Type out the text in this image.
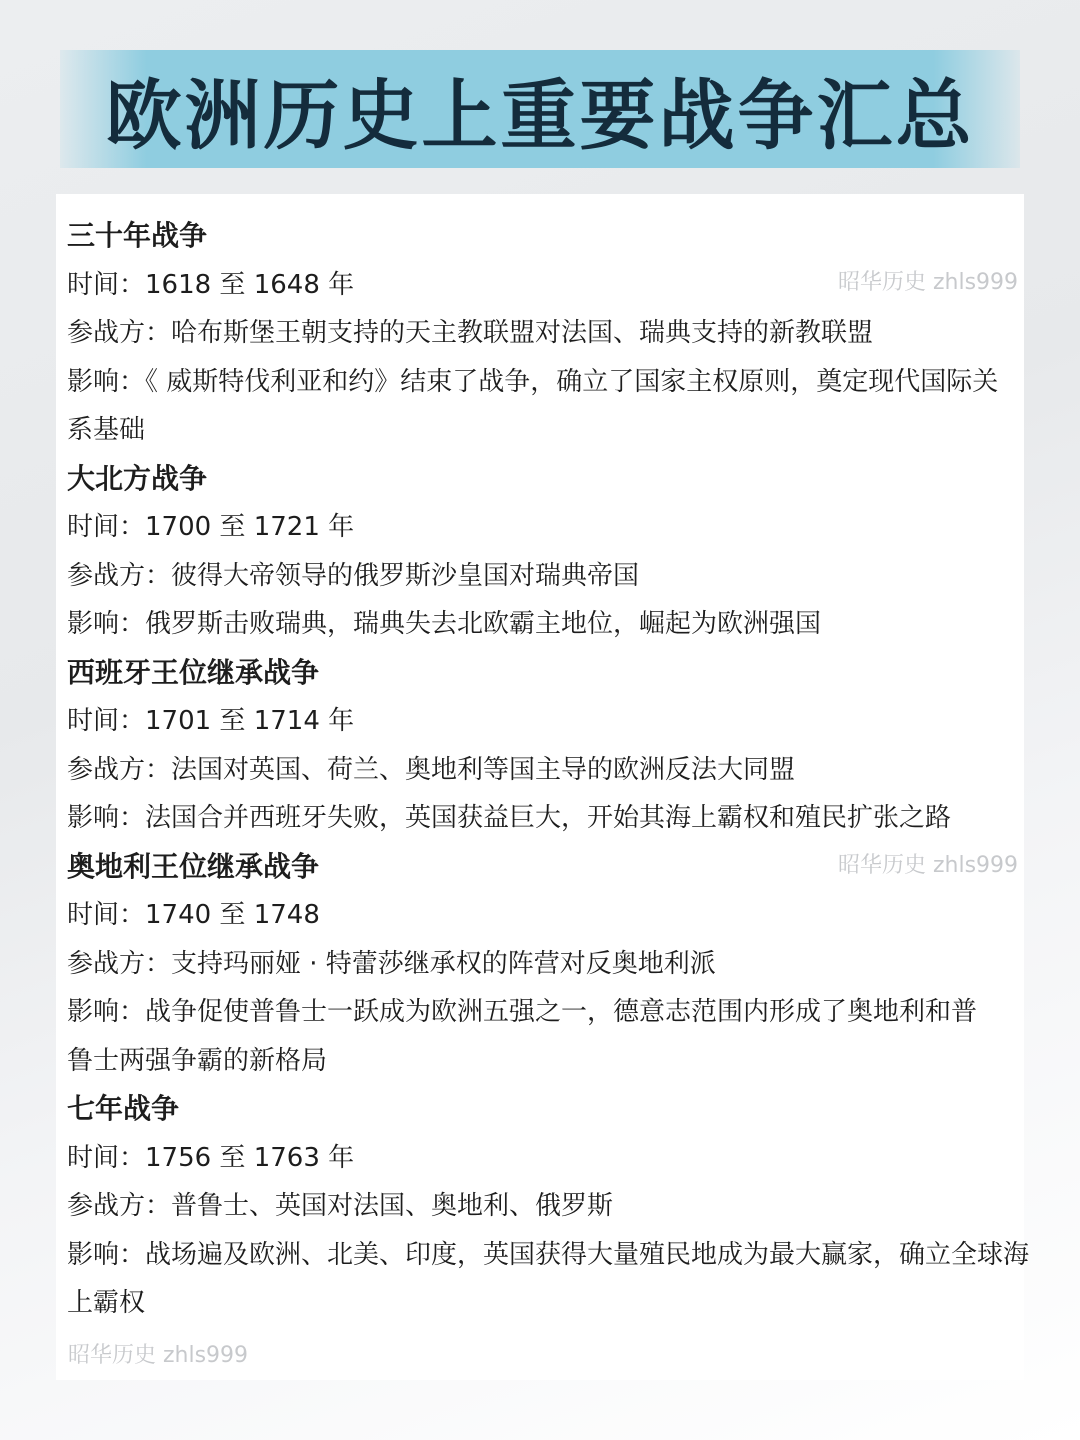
欧洲历史上重要战争汇总
三十年战争
时间：1618 至 1648 年
参战方：哈布斯堡王朝支持的天主教联盟对法国、瑞典支持的新教联盟
影响：《 威斯特伐利亚和约》结束了战争，确立了国家主权原则，奠定现代国际关
系基础
大北方战争
时间：1700 至 1721 年
参战方：彼得大帝领导的俄罗斯沙皇国对瑞典帝国
影响：俄罗斯击败瑞典，瑞典失去北欧霸主地位，崛起为欧洲强国
西班牙王位继承战争
时间：1701 至 1714 年
参战方：法国对英国、荷兰、奥地利等国主导的欧洲反法大同盟
影响：法国合并西班牙失败，英国获益巨大，开始其海上霸权和殖民扩张之路
奥地利王位继承战争
时间：1740 至 1748
参战方：支持玛丽娅 · 特蕾莎继承权的阵营对反奥地利派
影响：战争促使普鲁士一跃成为欧洲五强之一，德意志范围内形成了奥地利和普
鲁士两强争霸的新格局
七年战争
时间：1756 至 1763 年
参战方：普鲁士、英国对法国、奥地利、俄罗斯
影响：战场遍及欧洲、北美、印度，英国获得大量殖民地成为最大赢家，确立全球海
上霸权
昭华历史 zhls999
昭华历史 zhls999
昭华历史 zhls999
